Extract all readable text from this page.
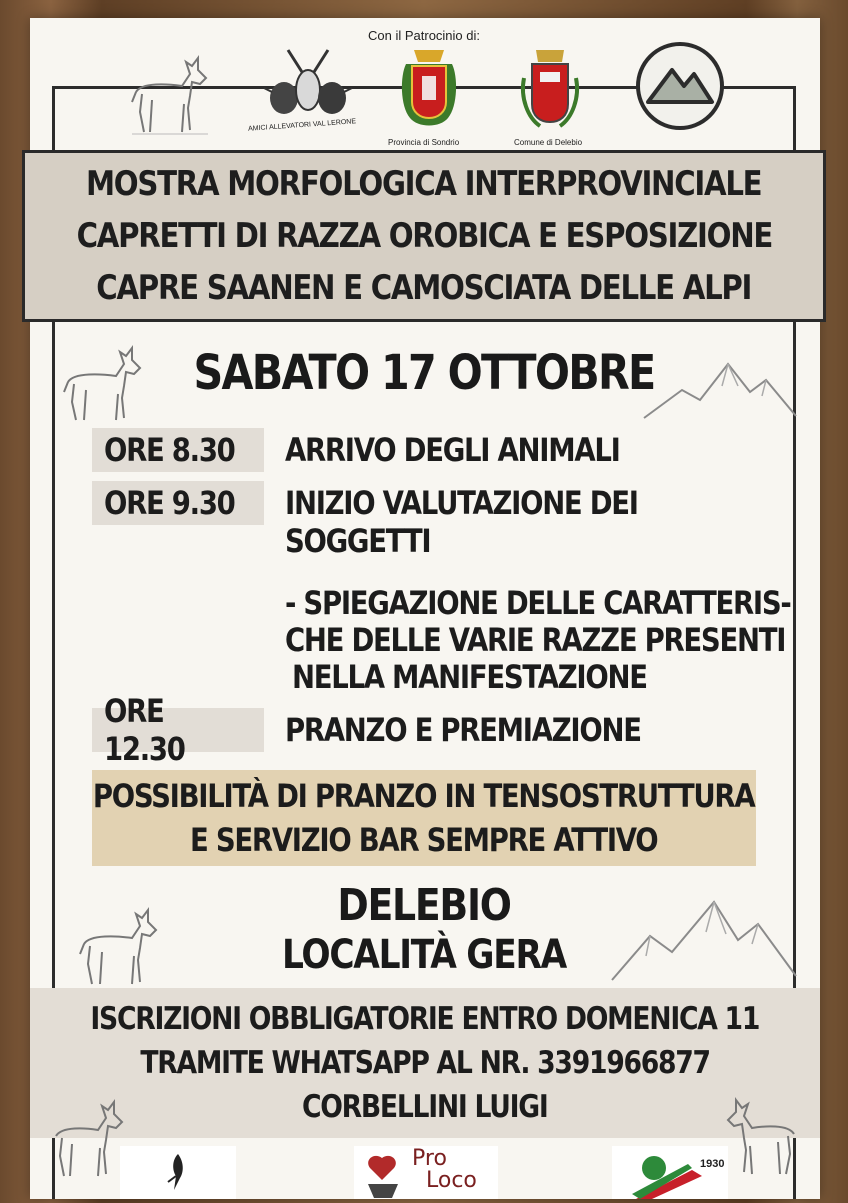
Con il Patrocinio di:
AMICI ALLEVATORI VAL LERONE
Provincia di Sondrio	Comune di Delebio
MOSTRA MORFOLOGICA INTERPROVINCIALE
CAPRETTI DI RAZZA OROBICA E ESPOSIZIONE
CAPRE SAANEN E CAMOSCIATA DELLE ALPI
SABATO 17 OTTOBRE
ORE 8.30 ARRIVO DEGLI ANIMALI
ORE 9.30 INIZIO VALUTAZIONE DEI
SOGGETTI
- SPIEGAZIONE DELLE CARATTERIS-
CHE DELLE VARIE RAZZE PRESENTI
NELLA MANIFESTAZIONE
ORE 12.30	PRANZO E PREMIAZIONE
POSSIBILITÀ DI PRANZO IN TENSOSTRUTTURA
E SERVIZIO BAR SEMPRE ATTIVO
DELEBIO
LOCALITÀ GERA
ISCRIZIONI OBBLIGATORIE ENTRO DOMENICA 11
TRAMITE WHATSAPP AL NR. 3391966877
CORBELLINI LUIGI
Pro
Loco
1930
